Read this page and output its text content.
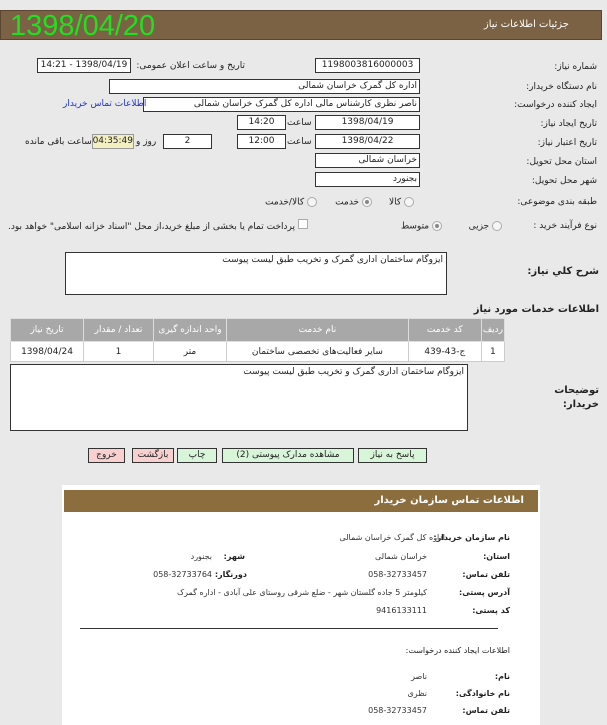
جزئیات اطلاعات نیاز
1398/04/20
شماره نیاز:
1198003816000003
تاریخ و ساعت اعلان عمومی:
1398/04/19 - 14:21
نام دستگاه خریدار:
اداره کل گمرک خراسان شمالی
ایجاد کننده درخواست:
ناصر نظری کارشناس مالی اداره کل گمرک خراسان شمالی
اطلاعات تماس خریدار
تاریخ ایجاد نیاز:
1398/04/19
ساعت
14:20
تاریخ اعتبار نیاز:
1398/04/22
ساعت
12:00
2
روز و
04:35:49
ساعت باقی مانده
استان محل تحویل:
خراسان شمالی
شهر محل تحویل:
بجنورد
طبقه بندی موضوعی:
کالا
خدمت
کالا/خدمت
نوع فرآیند خرید :
جزیی
متوسط
پرداخت تمام یا بخشی از مبلغ خرید،از محل "اسناد خزانه اسلامی" خواهد بود.
ایزوگام ساختمان اداری گمرک و تخریب طبق لیست پیوست
شرح کلي نياز:
اطلاعات خدمات مورد نیاز
ردیف	کد خدمت	نام خدمت	واحد اندازه گیری	تعداد / مقدار	تاریخ نیاز
1	ج-43-439	سایر فعالیت‌های تخصصی ساختمان	متر	1	1398/04/24
ایزوگام ساختمان اداری گمرک و تخریب طبق لیست پیوست
توضیحات
خریدار:
پاسخ به نیاز
مشاهده مدارک پیوستی (2)
چاپ
بازگشت
خروج
اطلاعات تماس سازمان خریدار
نام سازمان خریدار:
اداره کل گمرک خراسان شمالی
استان:
خراسان شمالی
شهر:
بجنورد
تلفن تماس:
058-32733457
دورنگار:
058-32733764
آدرس پستی:
کیلومتر 5 جاده گلستان شهر - ضلع شرقی روستای علی آبادی - اداره گمرک
کد پستی:
9416133111
اطلاعات ایجاد کننده درخواست:
نام:
ناصر
نام خانوادگی:
نظری
تلفن تماس:
058-32733457
